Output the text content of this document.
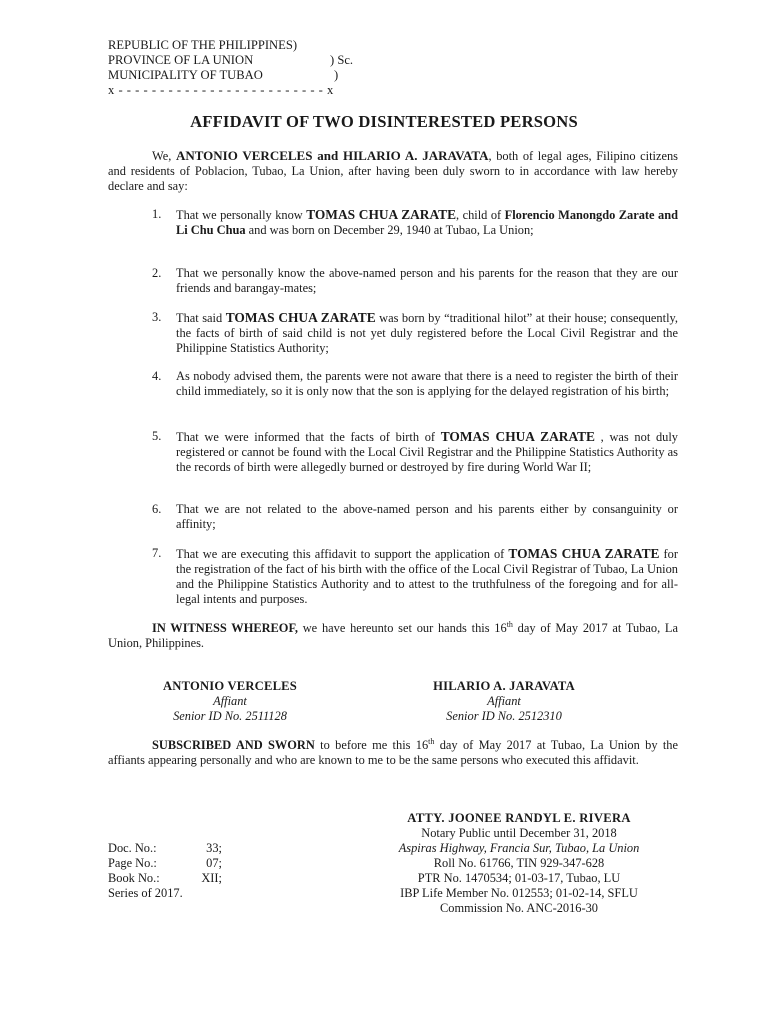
REPUBLIC OF THE PHILIPPINES)
PROVINCE OF LA UNION	) Sc.
MUNICIPALITY OF TUBAO	)
x - - - - - - - - - - - - - - - - - - - - - - - - - x
AFFIDAVIT OF TWO DISINTERESTED PERSONS
We, ANTONIO VERCELES and HILARIO A. JARAVATA, both of legal ages, Filipino citizens and residents of Poblacion, Tubao, La Union, after having been duly sworn to in accordance with law hereby declare and say:
1.	That we personally know TOMAS CHUA ZARATE, child of Florencio Manongdo Zarate and Li Chu Chua and was born on December 29, 1940 at Tubao, La Union;
2.	That we personally know the above-named person and his parents for the reason that they are our friends and barangay-mates;
3.	That said TOMAS CHUA ZARATE was born by “traditional hilot” at their house; consequently, the facts of birth of said child is not yet duly registered before the Local Civil Registrar and the Philippine Statistics Authority;
4.	As nobody advised them, the parents were not aware that there is a need to register the birth of their child immediately, so it is only now that the son is applying for the delayed registration of his birth;
5.	That we were informed that the facts of birth of TOMAS CHUA ZARATE , was not duly registered or cannot be found with the Local Civil Registrar and the Philippine Statistics Authority as the records of birth were allegedly burned or destroyed by fire during World War II;
6.	That we are not related to the above-named person and his parents either by consanguinity or affinity;
7.	That we are executing this affidavit to support the application of TOMAS CHUA ZARATE for the registration of the fact of his birth with the office of the Local Civil Registrar of Tubao, La Union and the Philippine Statistics Authority and to attest to the truthfulness of the foregoing and for all-legal intents and purposes.
IN WITNESS WHEREOF, we have hereunto set our hands this 16th day of May 2017 at Tubao, La Union, Philippines.
ANTONIO VERCELES
Affiant
Senior ID No. 2511128
HILARIO A. JARAVATA
Affiant
Senior ID No. 2512310
SUBSCRIBED AND SWORN to before me this 16th day of May 2017 at Tubao, La Union by the affiants appearing personally and who are known to me to be the same persons who executed this affidavit.
ATTY. JOONEE RANDYL E. RIVERA
Notary Public until December 31, 2018
Aspiras Highway, Francia Sur, Tubao, La Union
Roll No. 61766, TIN 929-347-628
PTR No. 1470534; 01-03-17, Tubao, LU
IBP Life Member No. 012553; 01-02-14, SFLU
Commission No. ANC-2016-30
Doc. No.:	33;
Page No.:	07;
Book No.:	XII;
Series of 2017.
